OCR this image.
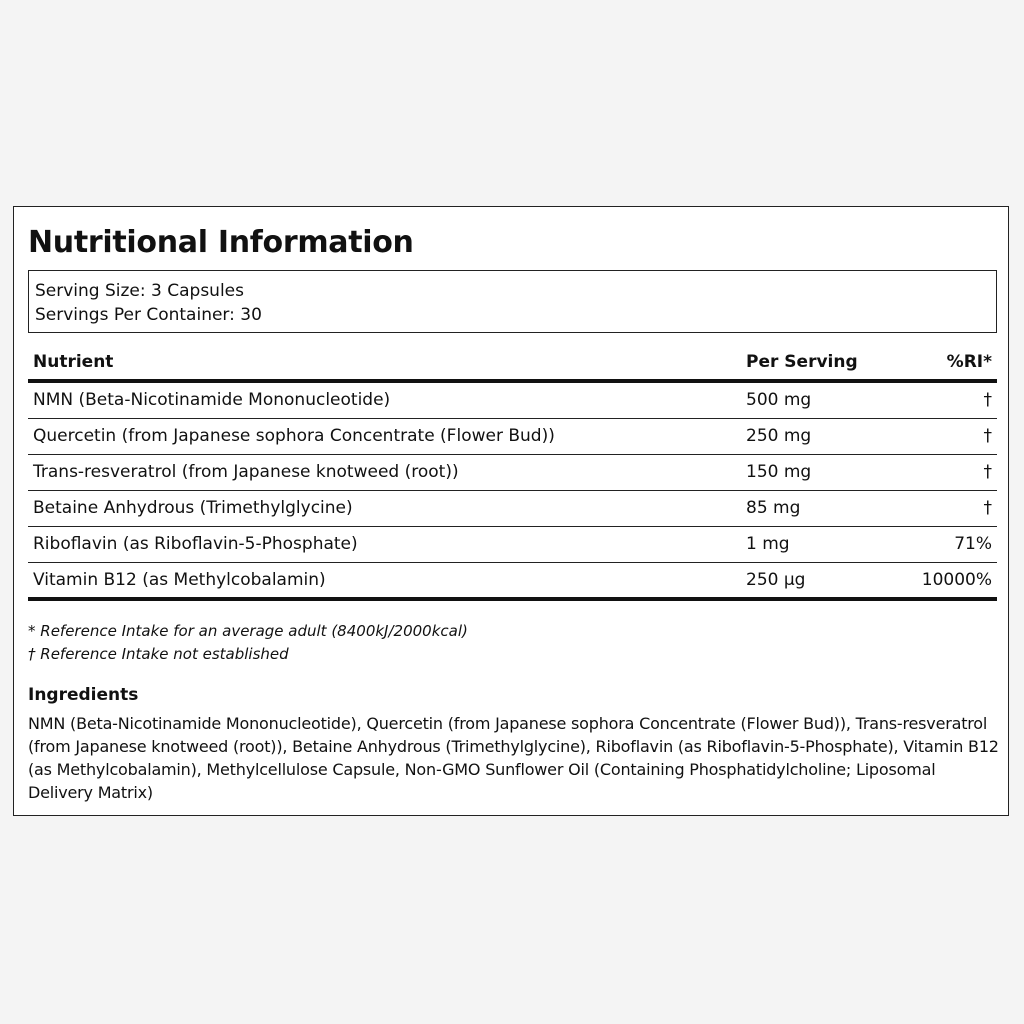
Nutritional Information
Serving Size: 3 Capsules
Servings Per Container: 30
Nutrient	Per Serving	%RI*
NMN (Beta-Nicotinamide Mononucleotide)	500 mg	†
Quercetin (from Japanese sophora Concentrate (Flower Bud))	250 mg	†
Trans-resveratrol (from Japanese knotweed (root))	150 mg	†
Betaine Anhydrous (Trimethylglycine)	85 mg	†
Riboflavin (as Riboflavin-5-Phosphate)	1 mg	71%
Vitamin B12 (as Methylcobalamin)	250 µg	10000%
* Reference Intake for an average adult (8400kJ/2000kcal)
† Reference Intake not established
Ingredients
NMN (Beta-Nicotinamide Mononucleotide), Quercetin (from Japanese sophora Concentrate (Flower Bud)), Trans-resveratrol (from Japanese knotweed (root)), Betaine Anhydrous (Trimethylglycine), Riboflavin (as Riboflavin-5-Phosphate), Vitamin B12 (as Methylcobalamin), Methylcellulose Capsule, Non-GMO Sunflower Oil (Containing Phosphatidylcholine; Liposomal Delivery Matrix)
